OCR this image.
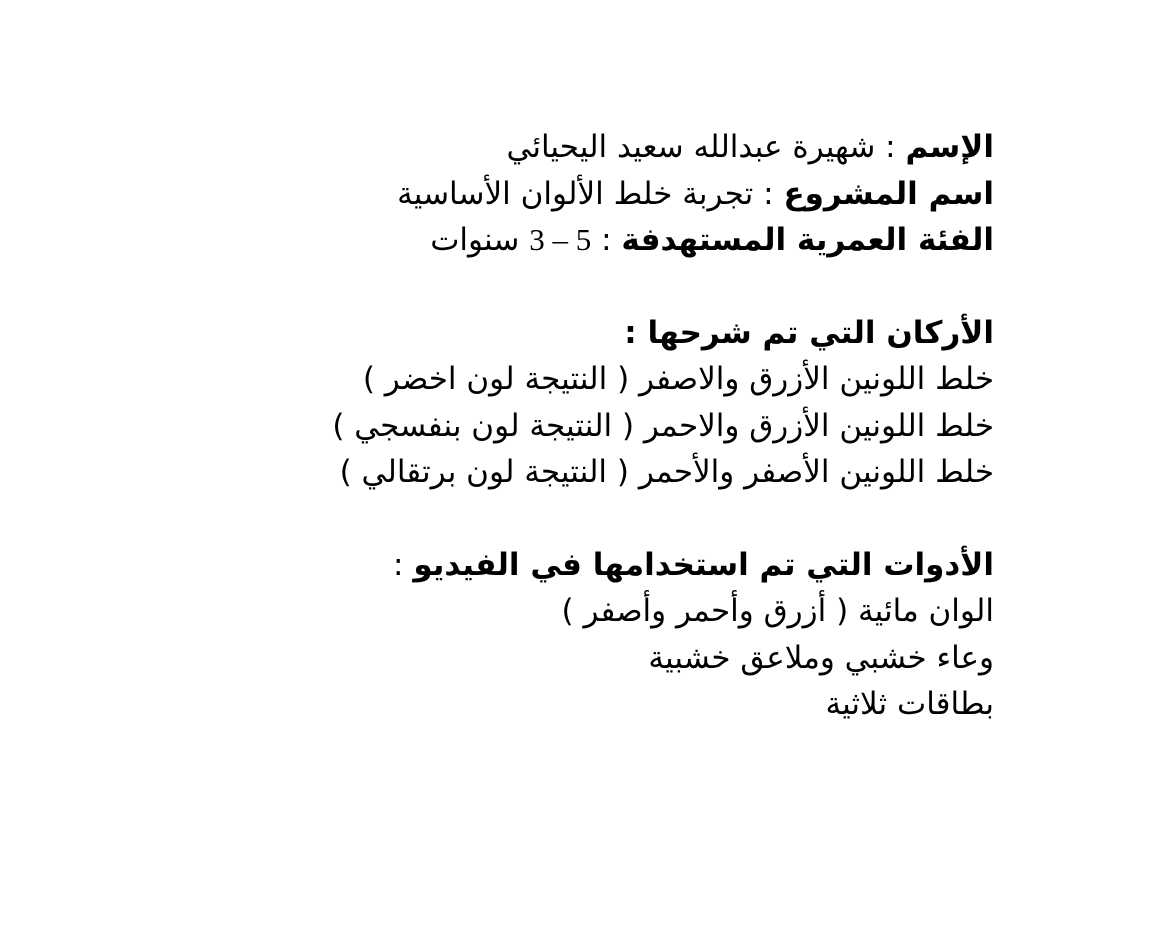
الإسم : شهيرة عبدالله سعيد اليحيائي
اسم المشروع : تجربة خلط الألوان الأساسية
الفئة العمرية المستهدفة : 3 – 5 سنوات
الأركان التي تم شرحها :
خلط اللونين الأزرق والاصفر ( النتيجة لون اخضر )
خلط اللونين الأزرق والاحمر ( النتيجة لون بنفسجي )
خلط اللونين الأصفر والأحمر ( النتيجة لون برتقالي )
الأدوات التي تم استخدامها في الفيديو :
الوان مائية ( أزرق وأحمر وأصفر )
وعاء خشبي وملاعق خشبية
بطاقات ثلاثية
